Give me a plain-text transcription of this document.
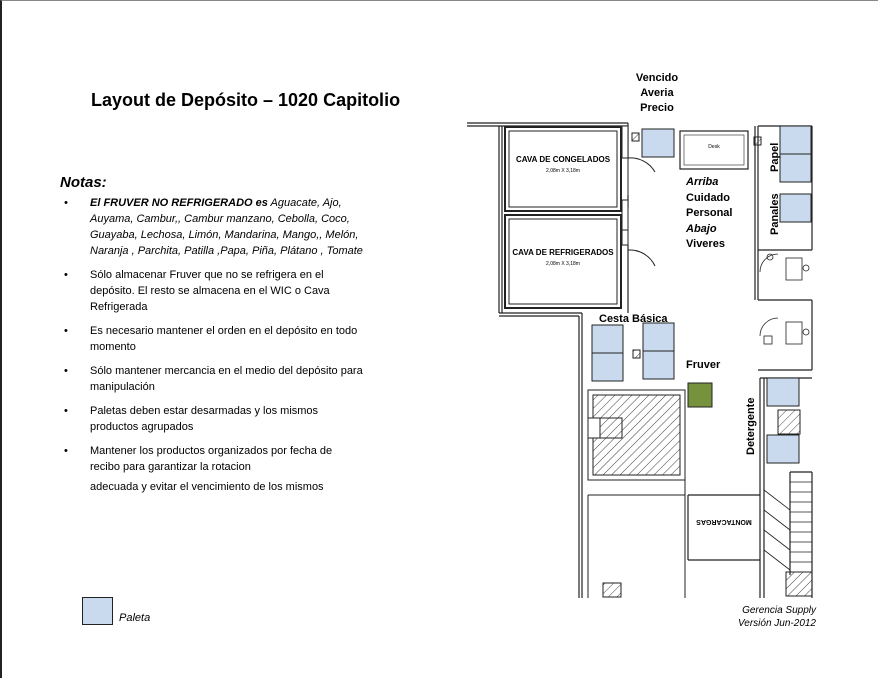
Layout de Depósito – 1020 Capitolio
Notas:
• El FRUVER NO REFRIGERADO es Aguacate, Ajo, Auyama, Cambur,, Cambur manzano, Cebolla, Coco, Guayaba, Lechosa, Limón, Mandarina, Mango,, Melón, Naranja , Parchita, Patilla ,Papa, Piña, Plátano , Tomate
• Sólo almacenar Fruver que no se refrigera en el depósito. El resto se almacena en el WIC o Cava Refrigerada
• Es necesario mantener el orden en el depósito en todo momento
• Sólo mantener mercancia en el medio del depósito para manipulación
• Paletas deben estar desarmadas y los mismos productos agrupados
• Mantener los productos organizados por fecha de recibo para garantizar la rotacion
adecuada y evitar el vencimiento de los mismos
Paleta
Gerencia Supply
Versión Jun-2012
CAVA DE CONGELADOS
2,08m X 3,18m
CAVA DE REFRIGERADOS
2,08m X 3,18m
Desk
Vencido
Averia
Precio
Arriba
Cuidado
Personal
Abajo
Viveres
Papel
Panales
Cesta Básica
Fruver
Detergente
MONTACARGAS
